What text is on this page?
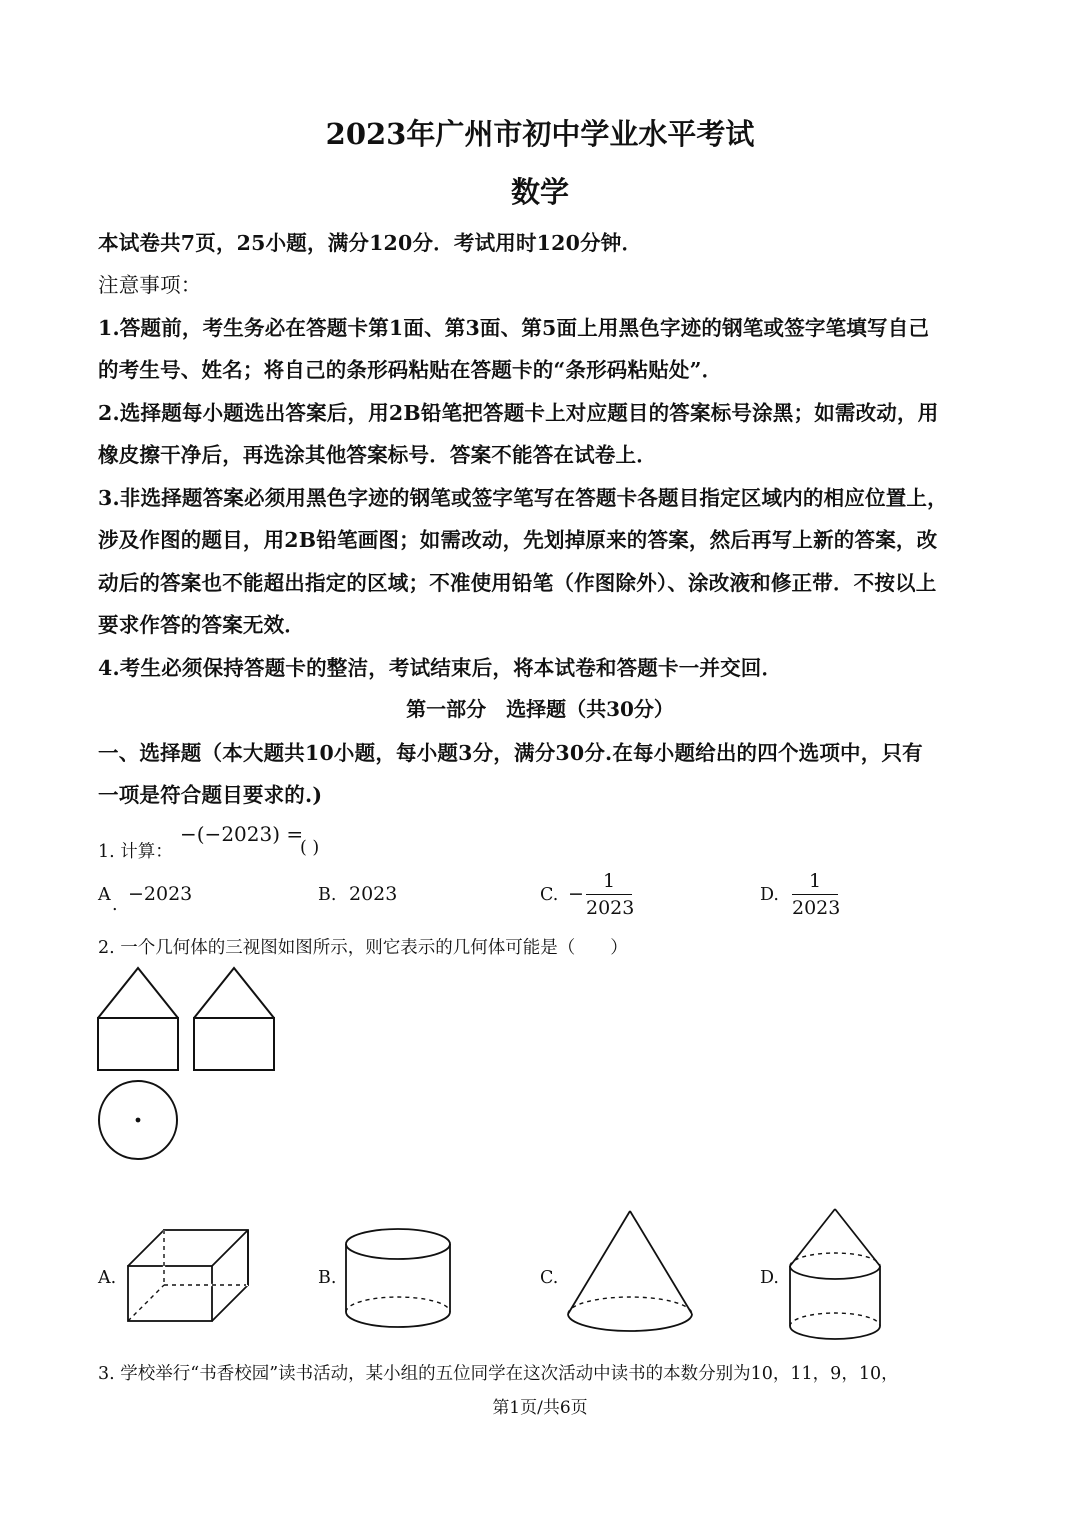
2023年广州市初中学业水平考试
数学
本试卷共7页，25小题，满分120分．考试用时120分钟．
注意事项：
1.答题前，考生务必在答题卡第1面、第3面、第5面上用黑色字迹的钢笔或签字笔填写自己
的考生号、姓名；将自己的条形码粘贴在答题卡的“条形码粘贴处”．
2.选择题每小题选出答案后，用2B铅笔把答题卡上对应题目的答案标号涂黑；如需改动，用
橡皮擦干净后，再选涂其他答案标号．答案不能答在试卷上．
3.非选择题答案必须用黑色字迹的钢笔或签字笔写在答题卡各题目指定区域内的相应位置上，
涉及作图的题目，用2B铅笔画图；如需改动，先划掉原来的答案，然后再写上新的答案，改
动后的答案也不能超出指定的区域；不准使用铅笔（作图除外）、涂改液和修正带．不按以上
要求作答的答案无效．
4.考生必须保持答题卡的整洁，考试结束后，将本试卷和答题卡一并交回．
第一部分　选择题（共30分）
一、选择题（本大题共10小题，每小题3分，满分30分.在每小题给出的四个选项中，只有
一项是符合题目要求的.)
1. 计算：
−(−2023) =
( )
A . −2023	B. 2023	C. −
1
2023
D.
1
2023
2. 一个几何体的三视图如图所示，则它表示的几何体可能是（　　）
A.	B.	C.	D.
3. 学校举行“书香校园”读书活动，某小组的五位同学在这次活动中读书的本数分别为10，11，9，10，
第1页/共6页
